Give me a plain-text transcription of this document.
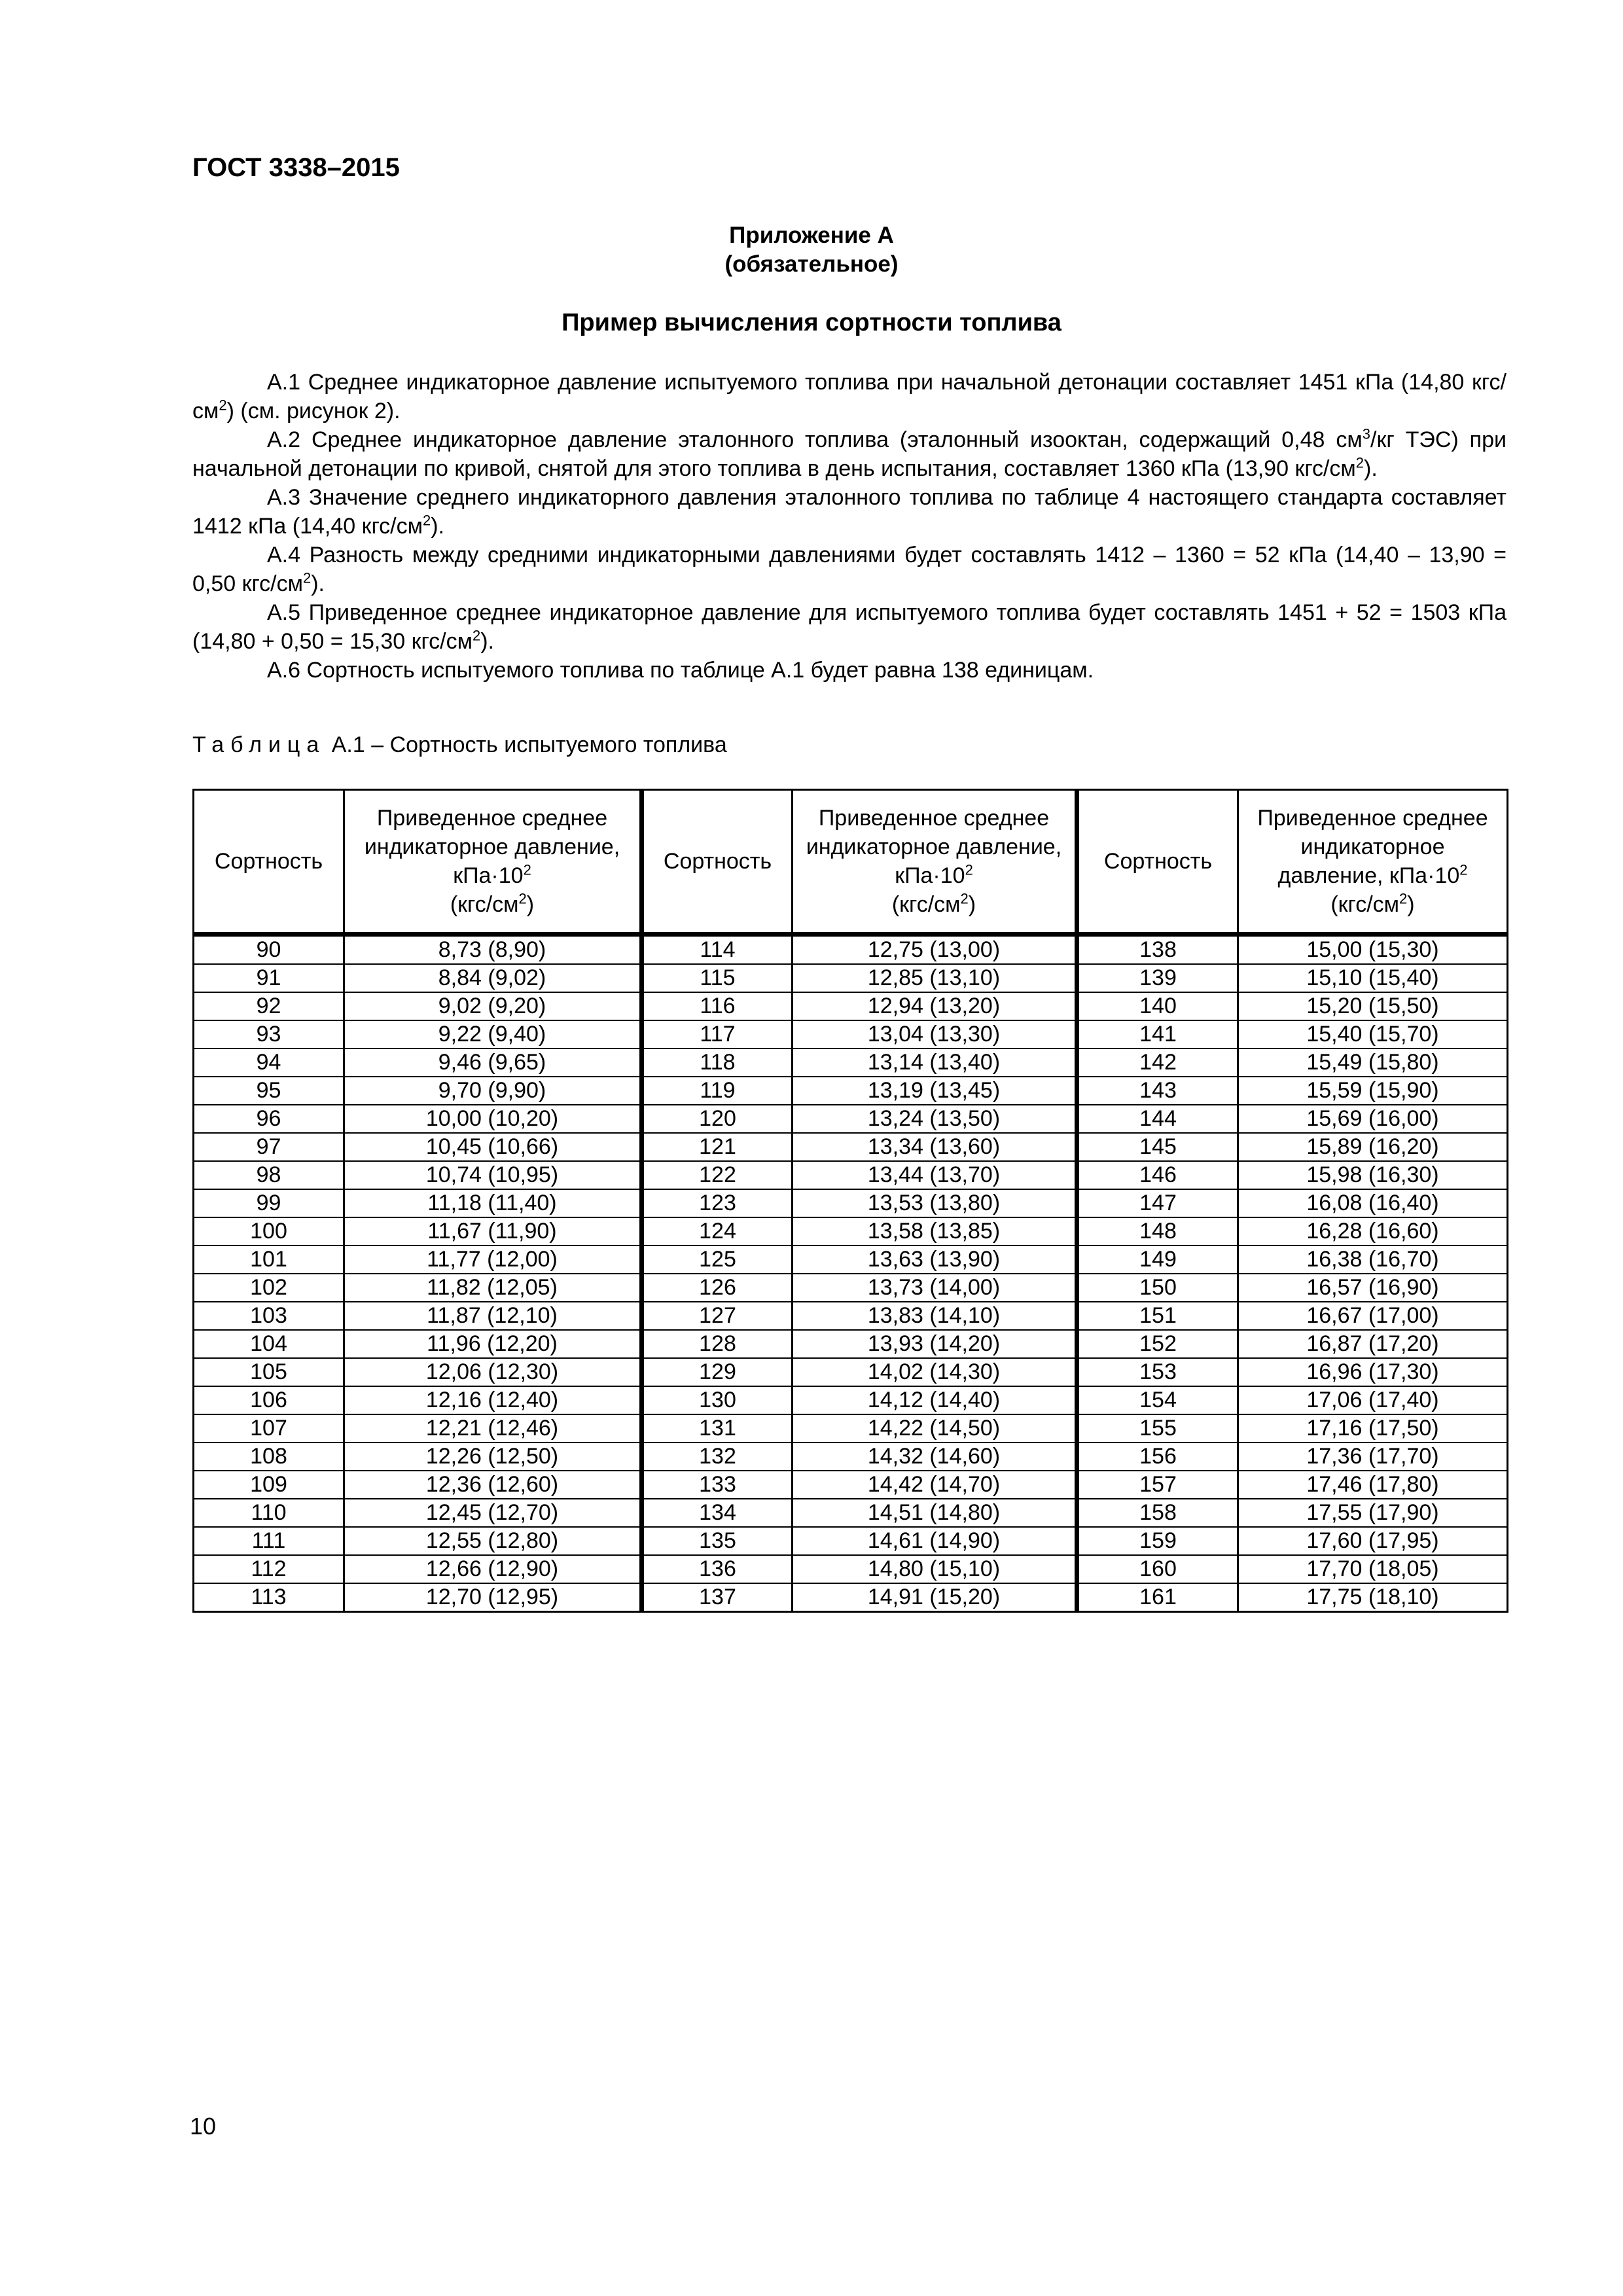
ГОСТ 3338–2015
Приложение А
(обязательное)
Пример вычисления сортности топлива

А.1 Среднее индикаторное давление испытуемого топлива при начальной детонации составляет 1451 кПа (14,80 кгс/$см^2$) (см. рисунок 2).

А.2 Среднее индикаторное давление эталонного топлива (эталонный изооктан, содержащий 0,48 $см^3/кг$ ТЭС) при начальной детонации по кривой, снятой для этого топлива в день испытания, составляет 1360 кПа (13,90 кгс/$см^2$).

А.3 Значение среднего индикаторного давления эталонного топлива по таблице 4 настоящего стандарта составляет 1412 кПа (14,40 кгс/$см^2$).

А.4 Разность между средними индикаторными давлениями будет составлять 1412 – 1360 = 52 кПа (14,40 – 13,90 = 0,50 кгс/$см^2$).

А.5 Приведенное среднее индикаторное давление для испытуемого топлива будет составлять 1451 + 52 = 1503 кПа (14,80 + 0,50 = 15,30 кгс/$см^2$).

А.6 Сортность испытуемого топлива по таблице А.1 будет равна 138 единицам.

Таблица А.1 – Сортность испытуемого топлива
Сортность	Приведенное среднее индикаторное давление, $кПа\cdot 10^2$
$(кгс/см^2)$	Сортность	Приведенное среднее индикаторное давление, $кПа\cdot 10^2$
$(кгс/см^2)$	Сортность	Приведенное среднее индикаторное давление, $кПа\cdot 10^2$
$(кгс/см^2)$
90	8,73 (8,90)	114	12,75 (13,00)	138	15,00 (15,30)
91	8,84 (9,02)	115	12,85 (13,10)	139	15,10 (15,40)
92	9,02 (9,20)	116	12,94 (13,20)	140	15,20 (15,50)
93	9,22 (9,40)	117	13,04 (13,30)	141	15,40 (15,70)
94	9,46 (9,65)	118	13,14 (13,40)	142	15,49 (15,80)
95	9,70 (9,90)	119	13,19 (13,45)	143	15,59 (15,90)
96	10,00 (10,20)	120	13,24 (13,50)	144	15,69 (16,00)
97	10,45 (10,66)	121	13,34 (13,60)	145	15,89 (16,20)
98	10,74 (10,95)	122	13,44 (13,70)	146	15,98 (16,30)
99	11,18 (11,40)	123	13,53 (13,80)	147	16,08 (16,40)
100	11,67 (11,90)	124	13,58 (13,85)	148	16,28 (16,60)
101	11,77 (12,00)	125	13,63 (13,90)	149	16,38 (16,70)
102	11,82 (12,05)	126	13,73 (14,00)	150	16,57 (16,90)
103	11,87 (12,10)	127	13,83 (14,10)	151	16,67 (17,00)
104	11,96 (12,20)	128	13,93 (14,20)	152	16,87 (17,20)
105	12,06 (12,30)	129	14,02 (14,30)	153	16,96 (17,30)
106	12,16 (12,40)	130	14,12 (14,40)	154	17,06 (17,40)
107	12,21 (12,46)	131	14,22 (14,50)	155	17,16 (17,50)
108	12,26 (12,50)	132	14,32 (14,60)	156	17,36 (17,70)
109	12,36 (12,60)	133	14,42 (14,70)	157	17,46 (17,80)
110	12,45 (12,70)	134	14,51 (14,80)	158	17,55 (17,90)
111	12,55 (12,80)	135	14,61 (14,90)	159	17,60 (17,95)
112	12,66 (12,90)	136	14,80 (15,10)	160	17,70 (18,05)
113	12,70 (12,95)	137	14,91 (15,20)	161	17,75 (18,10)
10
